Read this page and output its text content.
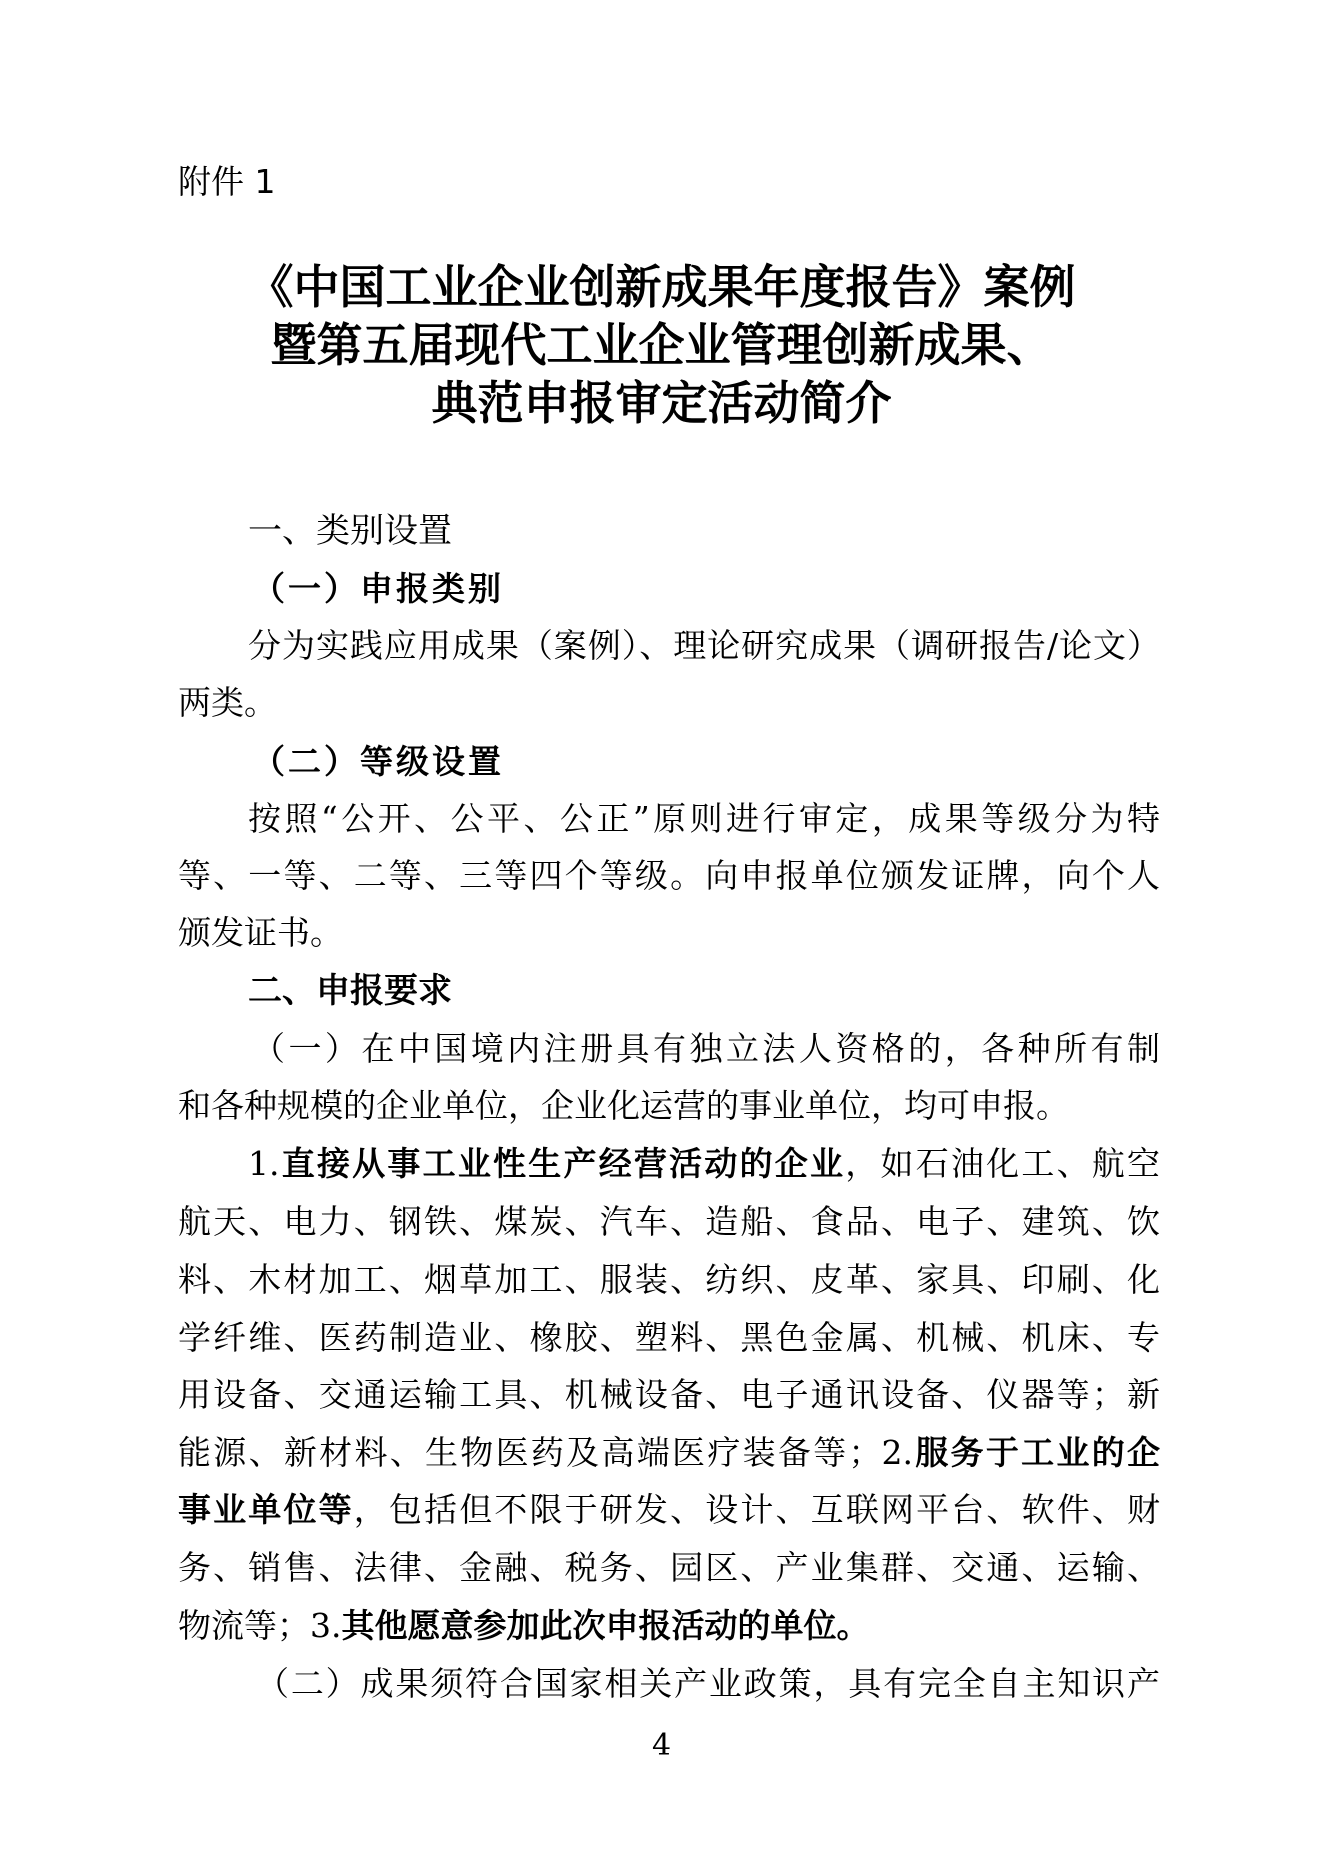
附件 1
《中国工业企业创新成果年度报告》案例
暨第五届现代工业企业管理创新成果、
典范申报审定活动简介
一、类别设置
（一）申报类别
分为实践应用成果（案例）、理论研究成果（调研报告/论文）
两类。
（二）等级设置
按照“公开、公平、公正”原则进行审定，成果等级分为特
等、一等、二等、三等四个等级。向申报单位颁发证牌，向个人
颁发证书。
二、申报要求
（一）在中国境内注册具有独立法人资格的，各种所有制
和各种规模的企业单位，企业化运营的事业单位，均可申报。
1.直接从事工业性生产经营活动的企业，如石油化工、航空
航天、电力、钢铁、煤炭、汽车、造船、食品、电子、建筑、饮
料、木材加工、烟草加工、服装、纺织、皮革、家具、印刷、化
学纤维、医药制造业、橡胶、塑料、黑色金属、机械、机床、专
用设备、交通运输工具、机械设备、电子通讯设备、仪器等；新
能源、新材料、生物医药及高端医疗装备等；2.服务于工业的企
事业单位等，包括但不限于研发、设计、互联网平台、软件、财
务、销售、法律、金融、税务、园区、产业集群、交通、运输、
物流等；3.其他愿意参加此次申报活动的单位。
（二）成果须符合国家相关产业政策，具有完全自主知识产
4
